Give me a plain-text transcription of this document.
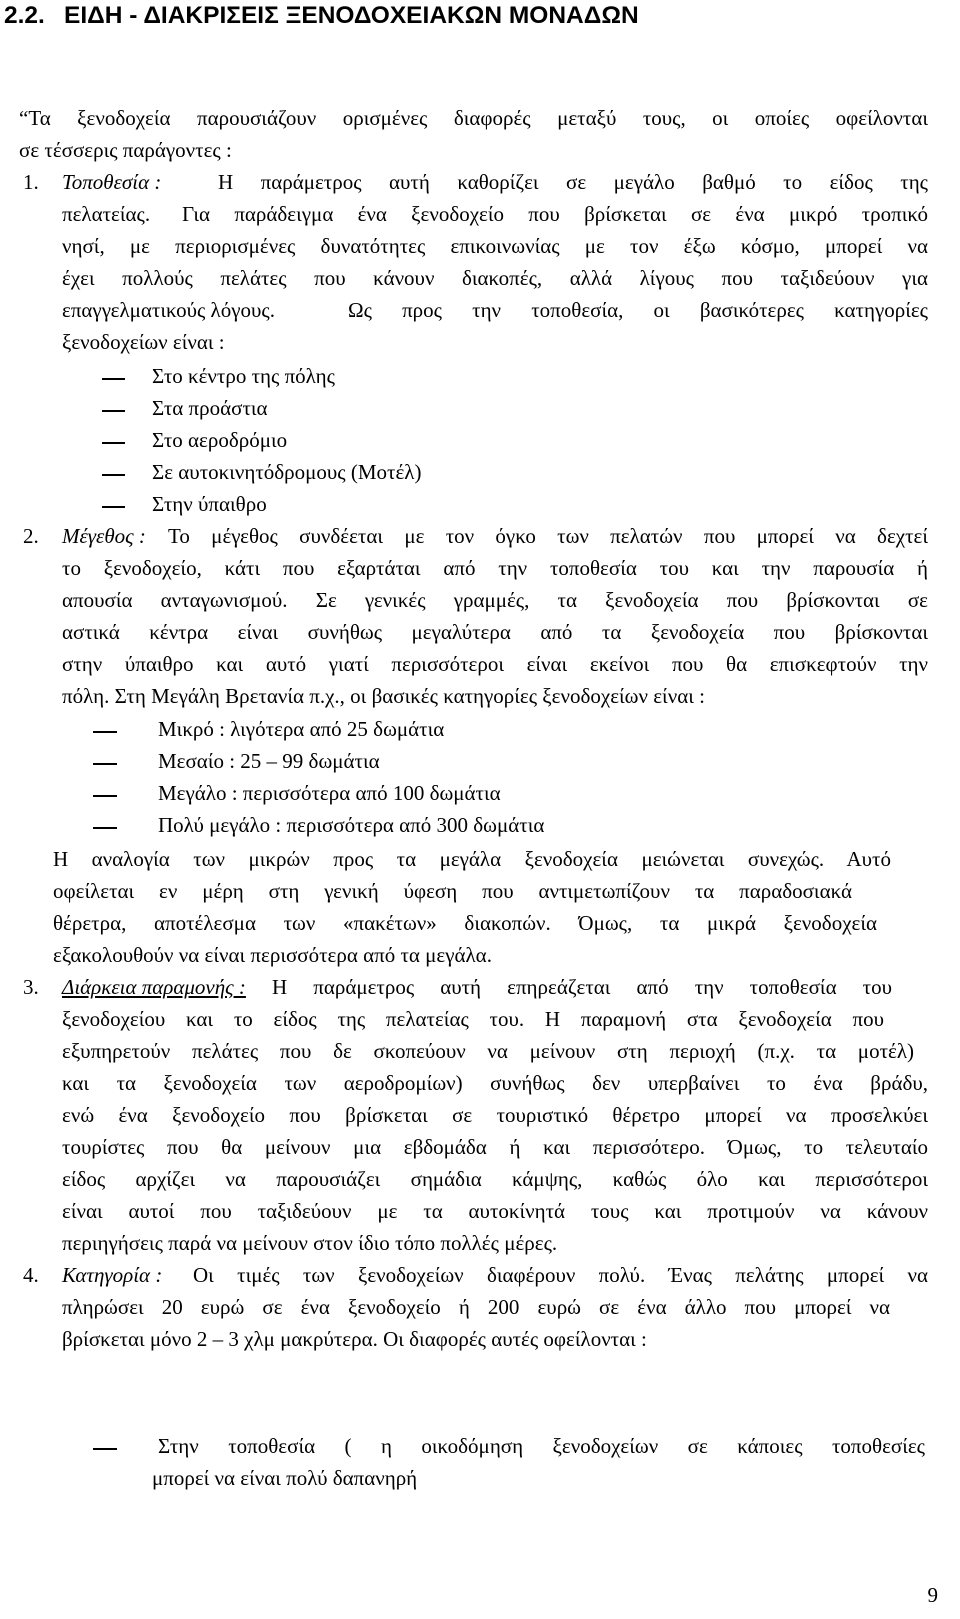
2.2. ΕΙΔΗ - ΔΙΑΚΡΙΣΕΙΣ ΞΕΝΟΔΟΧΕΙΑΚΩΝ ΜΟΝΑΔΩΝ
“Τα ξενοδοχεία παρουσιάζουν ορισμένες διαφορές μεταξύ τους, οι οποίες οφείλονται
σε τέσσερις παράγοντες :
1. Τοποθεσία :	Η παράμετρος αυτή καθορίζει σε μεγάλο βαθμό το είδος της
πελατείας. Για παράδειγμα ένα ξενοδοχείο που βρίσκεται σε ένα μικρό τροπικό
νησί, με περιορισμένες δυνατότητες επικοινωνίας με τον έξω κόσμο, μπορεί να
έχει πολλούς πελάτες που κάνουν διακοπές, αλλά λίγους που ταξιδεύουν για
επαγγελματικούς λόγους.	Ως προς την τοποθεσία, οι βασικότερες κατηγορίες
ξενοδοχείων είναι :
Στο κέντρο της πόλης
Στα προάστια
Στο αεροδρόμιο
Σε αυτοκινητόδρομους (Μοτέλ)
Στην ύπαιθρο
2. Μέγεθος : Το μέγεθος συνδέεται με τον όγκο των πελατών που μπορεί να δεχτεί
το ξενοδοχείο, κάτι που εξαρτάται από την τοποθεσία του και την παρουσία ή
απουσία ανταγωνισμού. Σε γενικές γραμμές, τα ξενοδοχεία που βρίσκονται σε
αστικά κέντρα είναι συνήθως μεγαλύτερα από τα ξενοδοχεία που βρίσκονται
στην ύπαιθρο και αυτό γιατί περισσότεροι είναι εκείνοι που θα επισκεφτούν την
πόλη. Στη Μεγάλη Βρετανία π.χ., οι βασικές κατηγορίες ξενοδοχείων είναι :
Μικρό : λιγότερα από 25 δωμάτια
Μεσαίο : 25 – 99 δωμάτια
Μεγάλο : περισσότερα από 100 δωμάτια
Πολύ μεγάλο : περισσότερα από 300 δωμάτια
Η αναλογία των μικρών προς τα μεγάλα ξενοδοχεία μειώνεται συνεχώς. Αυτό
οφείλεται εν μέρη στη γενική ύφεση που αντιμετωπίζουν τα παραδοσιακά
θέρετρα, αποτέλεσμα των «πακέτων» διακοπών. Όμως, τα μικρά ξενοδοχεία
εξακολουθούν να είναι περισσότερα από τα μεγάλα.
3. Διάρκεια παραμονής : Η παράμετρος αυτή επηρεάζεται από την τοποθεσία του
ξενοδοχείου και το είδος της πελατείας του. Η παραμονή στα ξενοδοχεία που
εξυπηρετούν πελάτες που δε σκοπεύουν να μείνουν στη περιοχή (π.χ. τα μοτέλ)
και τα ξενοδοχεία των αεροδρομίων) συνήθως δεν υπερβαίνει το ένα βράδυ,
ενώ ένα ξενοδοχείο που βρίσκεται σε τουριστικό θέρετρο μπορεί να προσελκύει
τουρίστες που θα μείνουν μια εβδομάδα ή και περισσότερο. Όμως, το τελευταίο
είδος αρχίζει να παρουσιάζει σημάδια κάμψης, καθώς όλο και περισσότεροι
είναι αυτοί που ταξιδεύουν με τα αυτοκίνητά τους και προτιμούν να κάνουν
περιηγήσεις παρά να μείνουν στον ίδιο τόπο πολλές μέρες.
4. Κατηγορία : Οι τιμές των ξενοδοχείων διαφέρουν πολύ. Ένας πελάτης μπορεί να
πληρώσει 20 ευρώ σε ένα ξενοδοχείο ή 200 ευρώ σε ένα άλλο που μπορεί να
βρίσκεται μόνο 2 – 3 χλμ μακρύτερα. Οι διαφορές αυτές οφείλονται :
Στην τοποθεσία ( η οικοδόμηση ξενοδοχείων σε κάποιες τοποθεσίες
μπορεί να είναι πολύ δαπανηρή
9
